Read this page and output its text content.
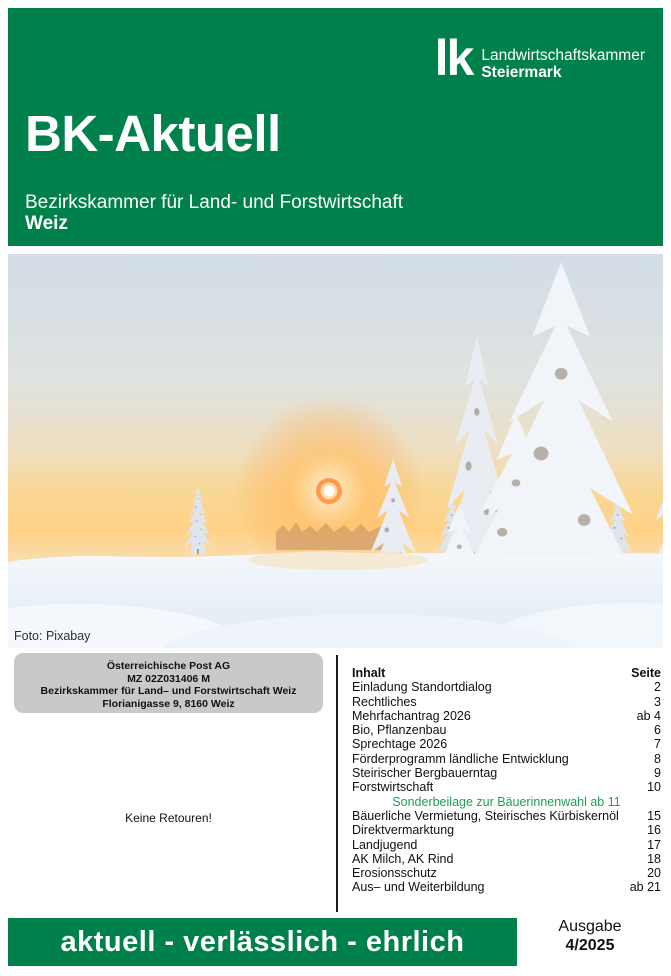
lk Landwirtschaftskammer
Steiermark
BK-Aktuell
Bezirkskammer für Land- und Forstwirtschaft
Weiz
Foto: Pixabay
Österreichische Post AG
MZ 02Z031406 M
Bezirkskammer für Land– und Forstwirtschaft Weiz
Florianigasse 9, 8160 Weiz
Keine Retouren!
Inhalt	Seite
Einladung Standortdialog	2
Rechtliches	3
Mehrfachantrag 2026	ab 4
Bio, Pflanzenbau	6
Sprechtage 2026	7
Förderprogramm ländliche Entwicklung	8
Steirischer Bergbauerntag	9
Forstwirtschaft	10
Sonderbeilage zur Bäuerinnenwahl ab 11
Bäuerliche Vermietung, Steirisches Kürbiskernöl 15
Direktvermarktung	16
Landjugend	17
AK Milch, AK Rind	18
Erosionsschutz	20
Aus– und Weiterbildung	ab 21
aktuell - verlässlich - ehrlich	Ausgabe
4/2025
